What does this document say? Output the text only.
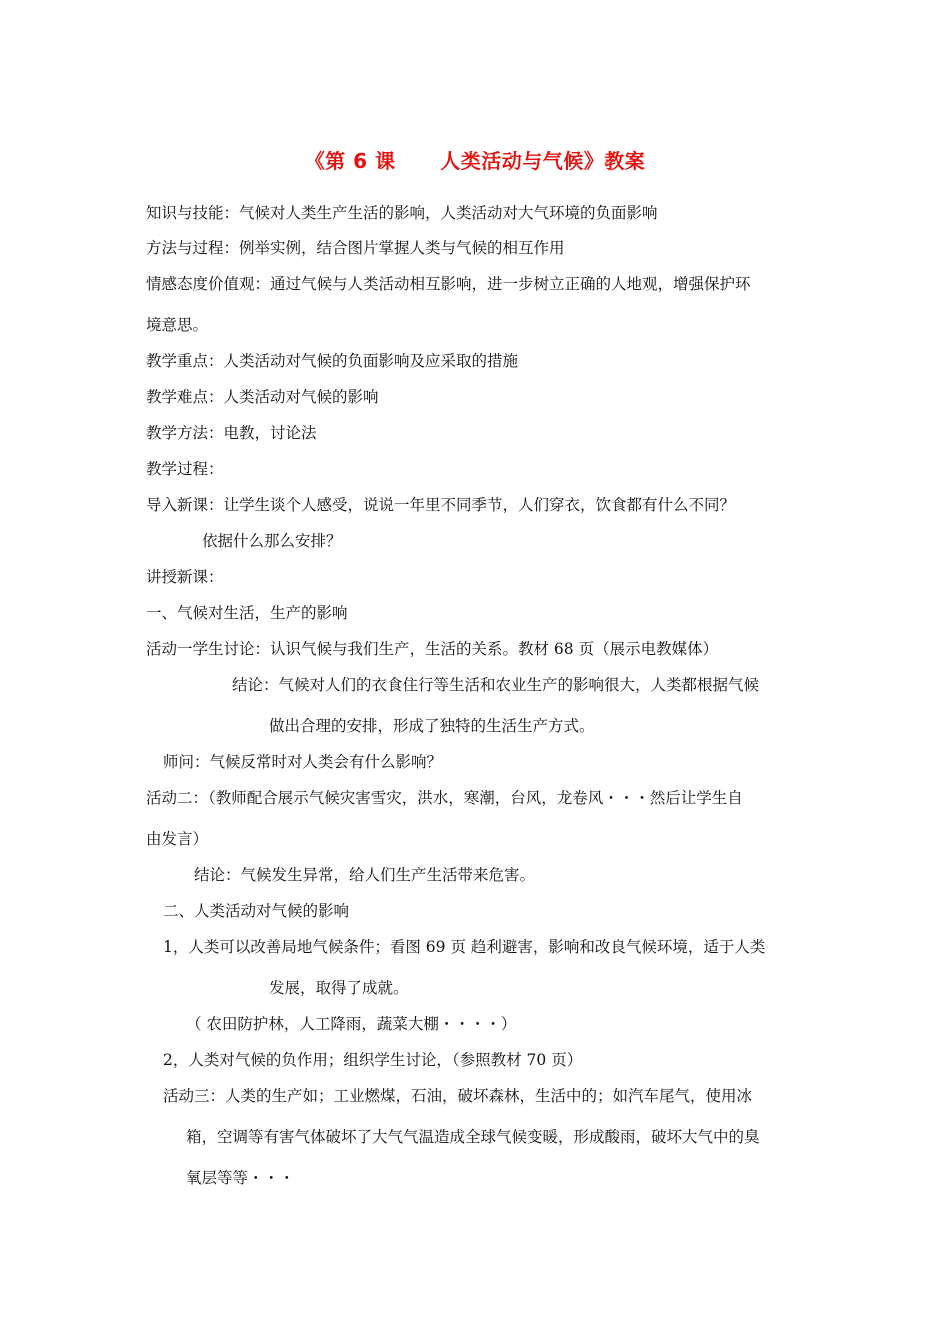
《第 6 课      人类活动与气候》教案
知识与技能：气候对人类生产生活的影响，人类活动对大气环境的负面影响
方法与过程：例举实例，结合图片掌握人类与气候的相互作用
情感态度价值观：通过气候与人类活动相互影响，进一步树立正确的人地观，增强保护环
境意思。
教学重点：人类活动对气候的负面影响及应采取的措施
教学难点：人类活动对气候的影响
教学方法：电教，讨论法
教学过程：
导入新课：让学生谈个人感受，说说一年里不同季节，人们穿衣，饮食都有什么不同？
依据什么那么安排？
讲授新课：
一、气候对生活，生产的影响
活动一学生讨论：认识气候与我们生产，生活的关系。教材 68 页（展示电教媒体）
结论：气候对人们的衣食住行等生活和农业生产的影响很大，人类都根据气候
做出合理的安排，形成了独特的生活生产方式。
师问：气候反常时对人类会有什么影响？
活动二：（教师配合展示气候灾害雪灾，洪水，寒潮，台风，龙卷风・・・然后让学生自
由发言）
结论：气候发生异常，给人们生产生活带来危害。
二、人类活动对气候的影响
1，人类可以改善局地气候条件；看图 69 页 趋利避害，影响和改良气候环境，适于人类
发展，取得了成就。
（ 农田防护林，人工降雨，蔬菜大棚・・・・）
2，人类对气候的负作用；组织学生讨论，（参照教材 70 页）
活动三：人类的生产如；工业燃煤，石油，破坏森林，生活中的；如汽车尾气，使用冰
箱，空调等有害气体破坏了大气气温造成全球气候变暖，形成酸雨，破坏大气中的臭
氧层等等・・・
